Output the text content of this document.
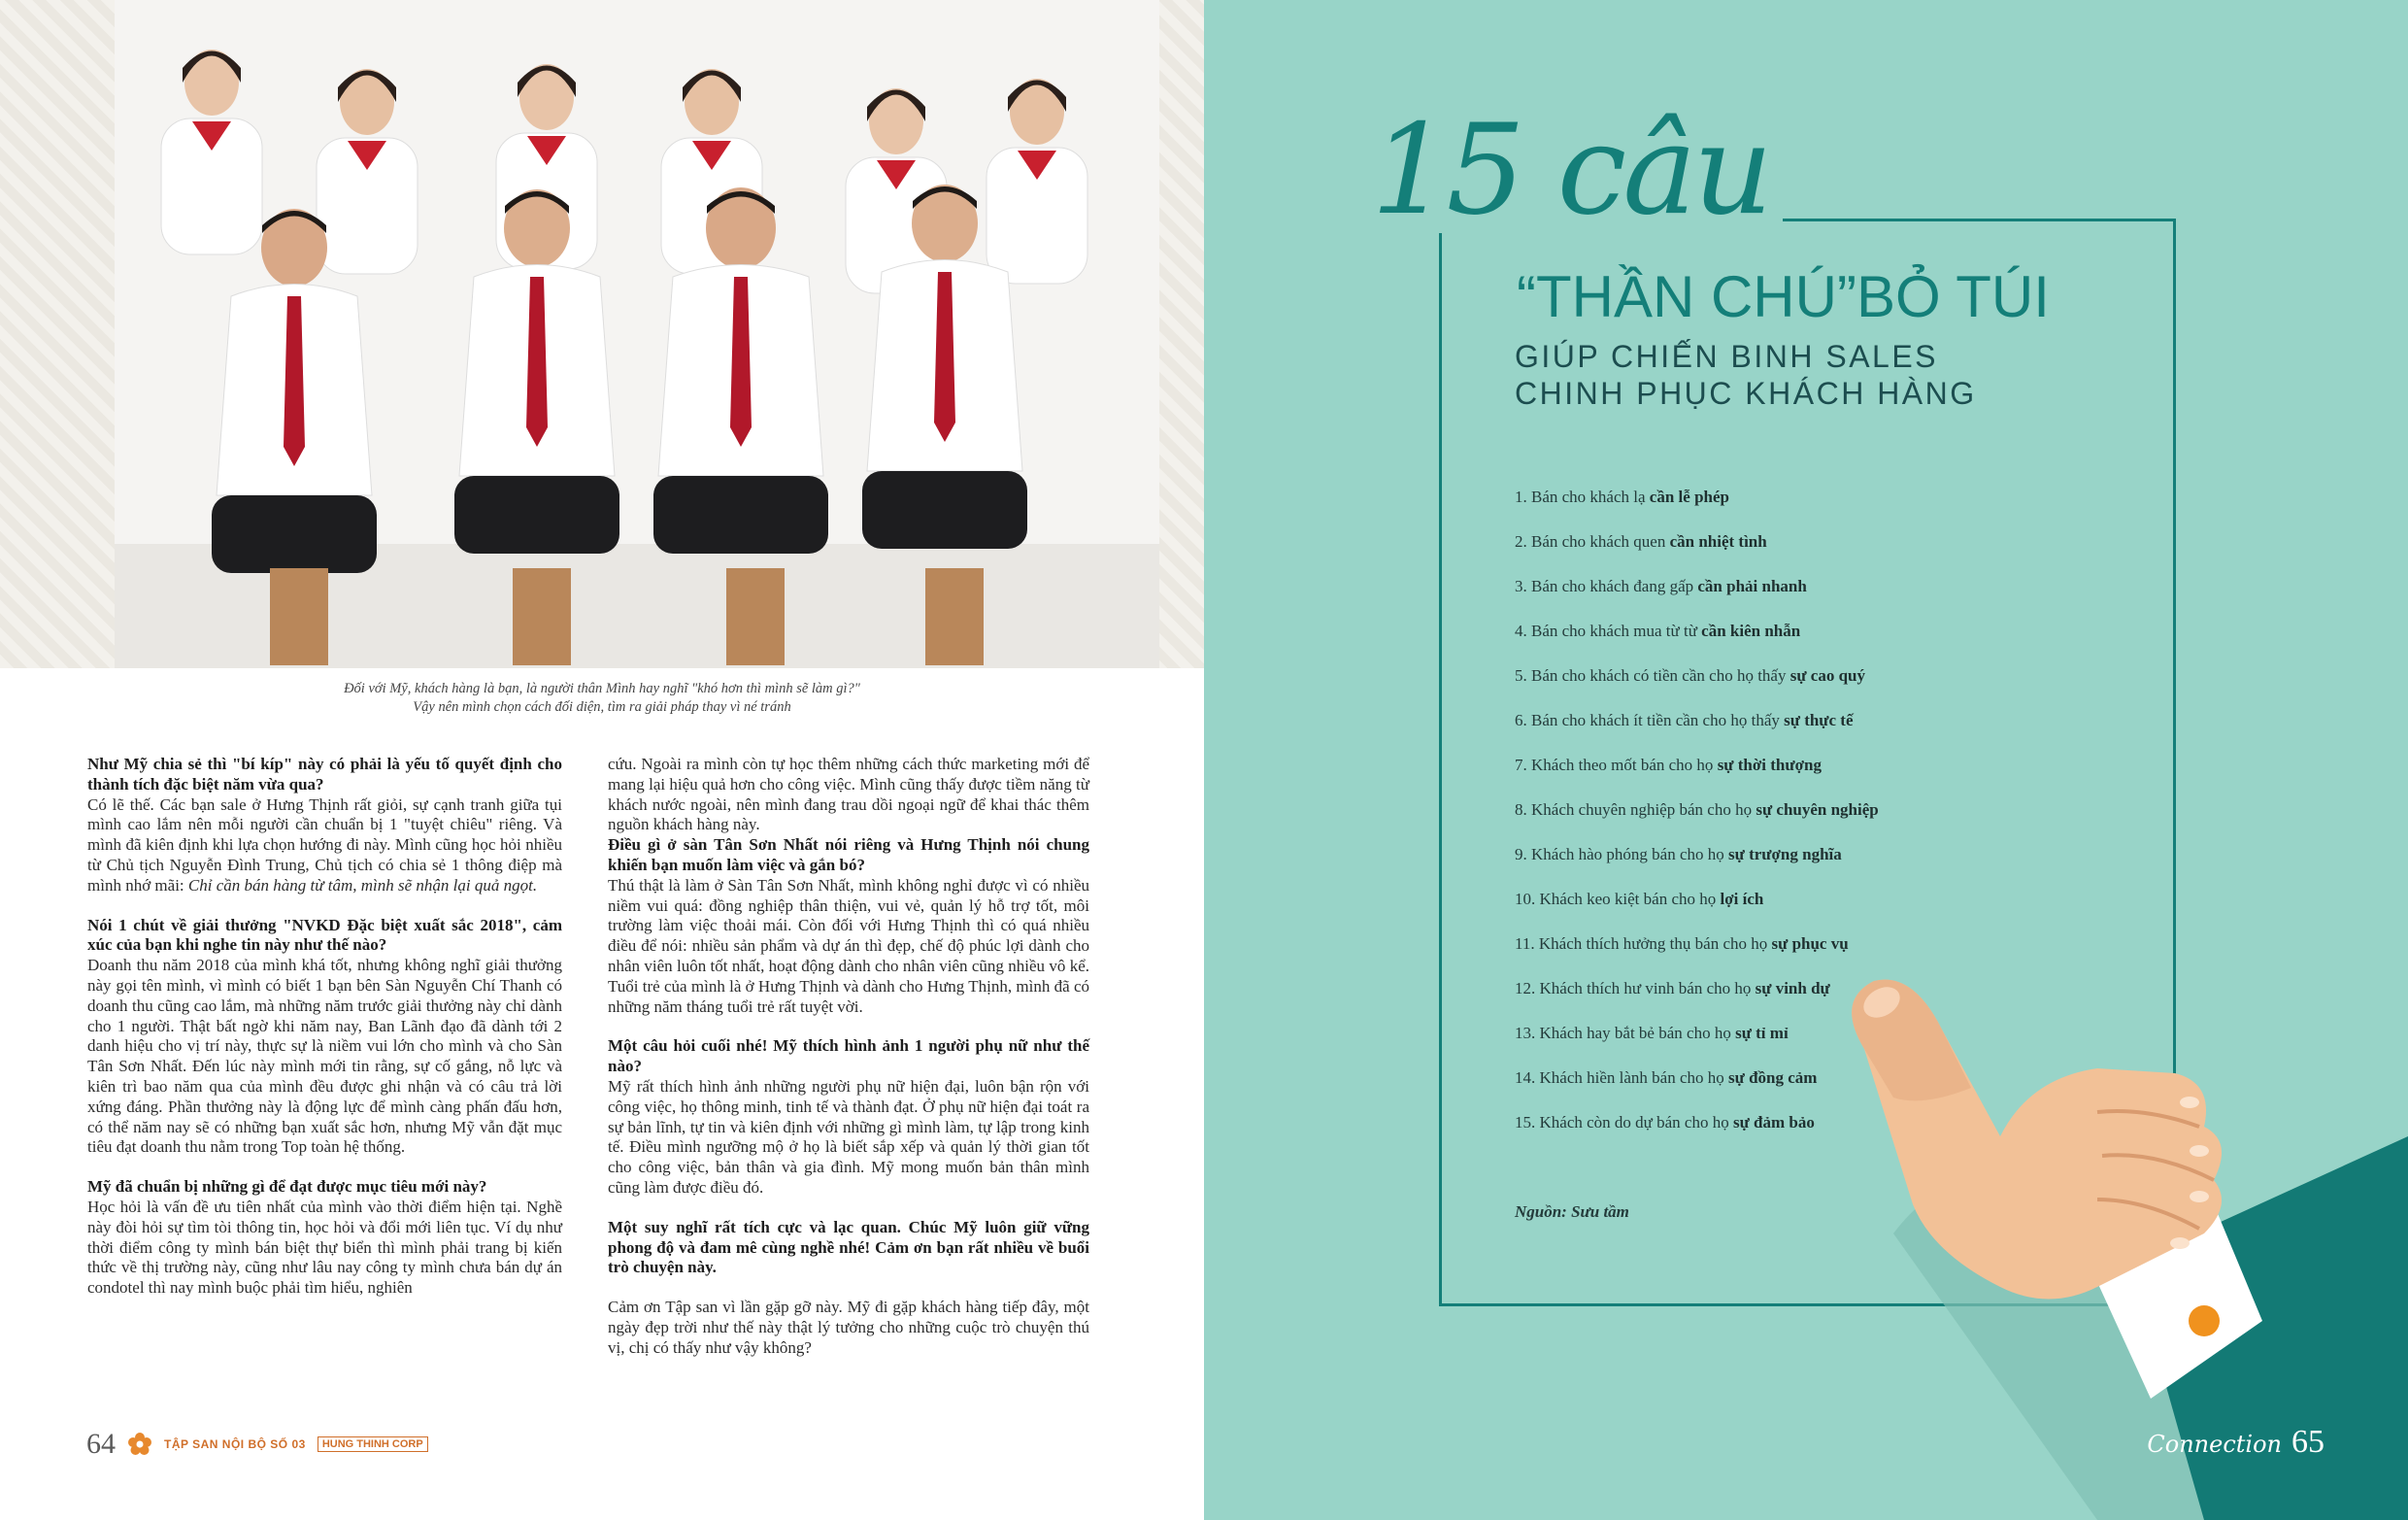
Đối với Mỹ, khách hàng là bạn, là người thân Mình hay nghĩ "khó hơn thì mình sẽ làm gì?"
Vậy nên mình chọn cách đối diện, tìm ra giải pháp thay vì né tránh

Như Mỹ chia sẻ thì "bí kíp" này có phải là yếu tố quyết định cho thành tích đặc biệt năm vừa qua?

Có lẽ thế. Các bạn sale ở Hưng Thịnh rất giỏi, sự cạnh tranh giữa tụi mình cao lắm nên mỗi người cần chuẩn bị 1 "tuyệt chiêu" riêng. Và mình đã kiên định khi lựa chọn hướng đi này. Mình cũng học hỏi nhiều từ Chủ tịch Nguyễn Đình Trung, Chủ tịch có chia sẻ 1 thông điệp mà mình nhớ mãi: Chỉ cần bán hàng từ tâm, mình sẽ nhận lại quả ngọt.

Nói 1 chút về giải thưởng "NVKD Đặc biệt xuất sắc 2018", cảm xúc của bạn khi nghe tin này như thế nào?

Doanh thu năm 2018 của mình khá tốt, nhưng không nghĩ giải thưởng này gọi tên mình, vì mình có biết 1 bạn bên Sàn Nguyễn Chí Thanh có doanh thu cũng cao lắm, mà những năm trước giải thưởng này chỉ dành cho 1 người. Thật bất ngờ khi năm nay, Ban Lãnh đạo đã dành tới 2 danh hiệu cho vị trí này, thực sự là niềm vui lớn cho mình và cho Sàn Tân Sơn Nhất. Đến lúc này mình mới tin rằng, sự cố gắng, nỗ lực và kiên trì bao năm qua của mình đều được ghi nhận và có câu trả lời xứng đáng. Phần thưởng này là động lực để mình càng phấn đấu hơn, có thể năm nay sẽ có những bạn xuất sắc hơn, nhưng Mỹ vẫn đặt mục tiêu đạt doanh thu nằm trong Top toàn hệ thống.

Mỹ đã chuẩn bị những gì để đạt được mục tiêu mới này?

Học hỏi là vấn đề ưu tiên nhất của mình vào thời điểm hiện tại. Nghề này đòi hỏi sự tìm tòi thông tin, học hỏi và đổi mới liên tục. Ví dụ như thời điểm công ty mình bán biệt thự biển thì mình phải trang bị kiến thức về thị trường này, cũng như lâu nay công ty mình chưa bán dự án condotel thì nay mình buộc phải tìm hiểu, nghiên

cứu. Ngoài ra mình còn tự học thêm những cách thức marketing mới để mang lại hiệu quả hơn cho công việc. Mình cũng thấy được tiềm năng từ khách nước ngoài, nên mình đang trau dồi ngoại ngữ để khai thác thêm nguồn khách hàng này.

Điều gì ở sàn Tân Sơn Nhất nói riêng và Hưng Thịnh nói chung khiến bạn muốn làm việc và gắn bó?

Thú thật là làm ở Sàn Tân Sơn Nhất, mình không nghỉ được vì có nhiều niềm vui quá: đồng nghiệp thân thiện, vui vẻ, quản lý hỗ trợ tốt, môi trường làm việc thoải mái. Còn đối với Hưng Thịnh thì có quá nhiều điều để nói: nhiều sản phẩm và dự án thì đẹp, chế độ phúc lợi dành cho nhân viên luôn tốt nhất, hoạt động dành cho nhân viên cũng nhiều vô kể. Tuổi trẻ của mình là ở Hưng Thịnh và dành cho Hưng Thịnh, mình đã có những năm tháng tuổi trẻ rất tuyệt vời.

Một câu hỏi cuối nhé! Mỹ thích hình ảnh 1 người phụ nữ như thế nào?

Mỹ rất thích hình ảnh những người phụ nữ hiện đại, luôn bận rộn với công việc, họ thông minh, tinh tế và thành đạt. Ở phụ nữ hiện đại toát ra sự bản lĩnh, tự tin và kiên định với những gì mình làm, tự lập trong kinh tế. Điều mình ngưỡng mộ ở họ là biết sắp xếp và quản lý thời gian tốt cho công việc, bản thân và gia đình. Mỹ mong muốn bản thân mình cũng làm được điều đó.

Một suy nghĩ rất tích cực và lạc quan. Chúc Mỹ luôn giữ vững phong độ và đam mê cùng nghề nhé! Cảm ơn bạn rất nhiều về buổi trò chuyện này.

Cảm ơn Tập san vì lần gặp gỡ này. Mỹ đi gặp khách hàng tiếp đây, một ngày đẹp trời như thế này thật lý tưởng cho những cuộc trò chuyện thú vị, chị có thấy như vậy không?

64	TẬP SAN NỘI BỘ SỐ 03	HUNG THINH CORP
15 câu
“THẦN CHÚ”BỎ TÚI
GIÚP CHIẾN BINH SALES
CHINH PHỤC KHÁCH HÀNG
1. Bán cho khách lạ cần lễ phép
2. Bán cho khách quen cần nhiệt tình
3. Bán cho khách đang gấp cần phải nhanh
4. Bán cho khách mua từ từ cần kiên nhẫn
5. Bán cho khách có tiền cần cho họ thấy sự cao quý
6. Bán cho khách ít tiền cần cho họ thấy sự thực tế
7. Khách theo mốt bán cho họ sự thời thượng
8. Khách chuyên nghiệp bán cho họ sự chuyên nghiệp
9. Khách hào phóng bán cho họ sự trượng nghĩa
10. Khách keo kiệt bán cho họ lợi ích
11. Khách thích hưởng thụ bán cho họ sự phục vụ
12. Khách thích hư vinh bán cho họ sự vinh dự
13. Khách hay bắt bẻ bán cho họ sự tỉ mỉ
14. Khách hiền lành bán cho họ sự đồng cảm
15. Khách còn do dự bán cho họ sự đảm bảo
Nguồn: Sưu tầm
Connection 65
